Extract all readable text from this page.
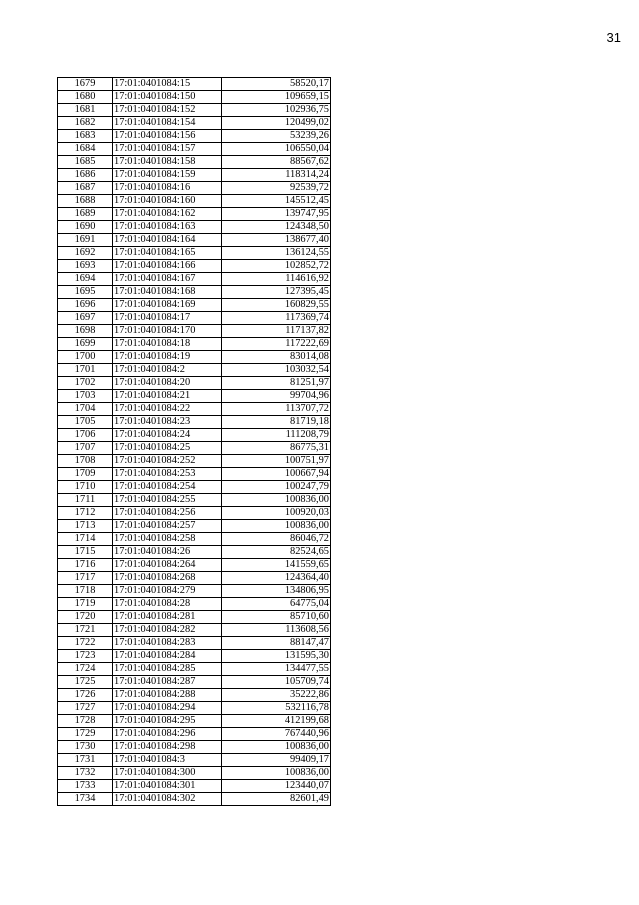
31
1679	17:01:0401084:15	58520,17
1680	17:01:0401084:150	109659,15
1681	17:01:0401084:152	102936,75
1682	17:01:0401084:154	120499,02
1683	17:01:0401084:156	53239,26
1684	17:01:0401084:157	106550,04
1685	17:01:0401084:158	88567,62
1686	17:01:0401084:159	118314,24
1687	17:01:0401084:16	92539,72
1688	17:01:0401084:160	145512,45
1689	17:01:0401084:162	139747,95
1690	17:01:0401084:163	124348,50
1691	17:01:0401084:164	138677,40
1692	17:01:0401084:165	136124,55
1693	17:01:0401084:166	102852,72
1694	17:01:0401084:167	114616,92
1695	17:01:0401084:168	127395,45
1696	17:01:0401084:169	160829,55
1697	17:01:0401084:17	117369,74
1698	17:01:0401084:170	117137,82
1699	17:01:0401084:18	117222,69
1700	17:01:0401084:19	83014,08
1701	17:01:0401084:2	103032,54
1702	17:01:0401084:20	81251,97
1703	17:01:0401084:21	99704,96
1704	17:01:0401084:22	113707,72
1705	17:01:0401084:23	81719,18
1706	17:01:0401084:24	111208,79
1707	17:01:0401084:25	86775,31
1708	17:01:0401084:252	100751,97
1709	17:01:0401084:253	100667,94
1710	17:01:0401084:254	100247,79
1711	17:01:0401084:255	100836,00
1712	17:01:0401084:256	100920,03
1713	17:01:0401084:257	100836,00
1714	17:01:0401084:258	86046,72
1715	17:01:0401084:26	82524,65
1716	17:01:0401084:264	141559,65
1717	17:01:0401084:268	124364,40
1718	17:01:0401084:279	134806,95
1719	17:01:0401084:28	64775,04
1720	17:01:0401084:281	85710,60
1721	17:01:0401084:282	113608,56
1722	17:01:0401084:283	88147,47
1723	17:01:0401084:284	131595,30
1724	17:01:0401084:285	134477,55
1725	17:01:0401084:287	105709,74
1726	17:01:0401084:288	35222,86
1727	17:01:0401084:294	532116,78
1728	17:01:0401084:295	412199,68
1729	17:01:0401084:296	767440,96
1730	17:01:0401084:298	100836,00
1731	17:01:0401084:3	99409,17
1732	17:01:0401084:300	100836,00
1733	17:01:0401084:301	123440,07
1734	17:01:0401084:302	82601,49
